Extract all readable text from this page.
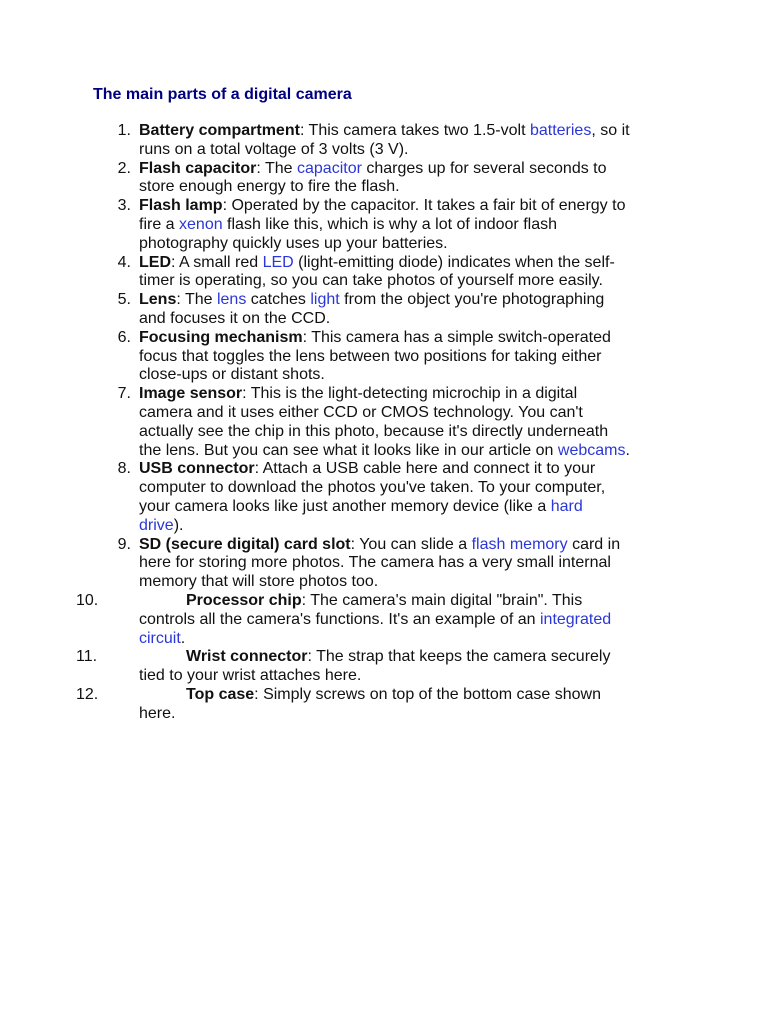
The main parts of a digital camera
1. Battery compartment: This camera takes two 1.5-volt batteries, so it
runs on a total voltage of 3 volts (3 V).
2. Flash capacitor: The capacitor charges up for several seconds to
store enough energy to fire the flash.
3. Flash lamp: Operated by the capacitor. It takes a fair bit of energy to
fire a xenon flash like this, which is why a lot of indoor flash
photography quickly uses up your batteries.
4. LED: A small red LED (light-emitting diode) indicates when the self-
timer is operating, so you can take photos of yourself more easily.
5. Lens: The lens catches light from the object you're photographing
and focuses it on the CCD.
6. Focusing mechanism: This camera has a simple switch-operated
focus that toggles the lens between two positions for taking either
close-ups or distant shots.
7. Image sensor: This is the light-detecting microchip in a digital
camera and it uses either CCD or CMOS technology. You can't
actually see the chip in this photo, because it's directly underneath
the lens. But you can see what it looks like in our article on webcams.
8. USB connector: Attach a USB cable here and connect it to your
computer to download the photos you've taken. To your computer,
your camera looks like just another memory device (like a hard
drive).
9. SD (secure digital) card slot: You can slide a flash memory card in
here for storing more photos. The camera has a very small internal
memory that will store photos too.
10.	Processor chip: The camera's main digital "brain". This
controls all the camera's functions. It's an example of an integrated
circuit.
11.	Wrist connector: The strap that keeps the camera securely
tied to your wrist attaches here.
12.	Top case: Simply screws on top of the bottom case shown
here.
